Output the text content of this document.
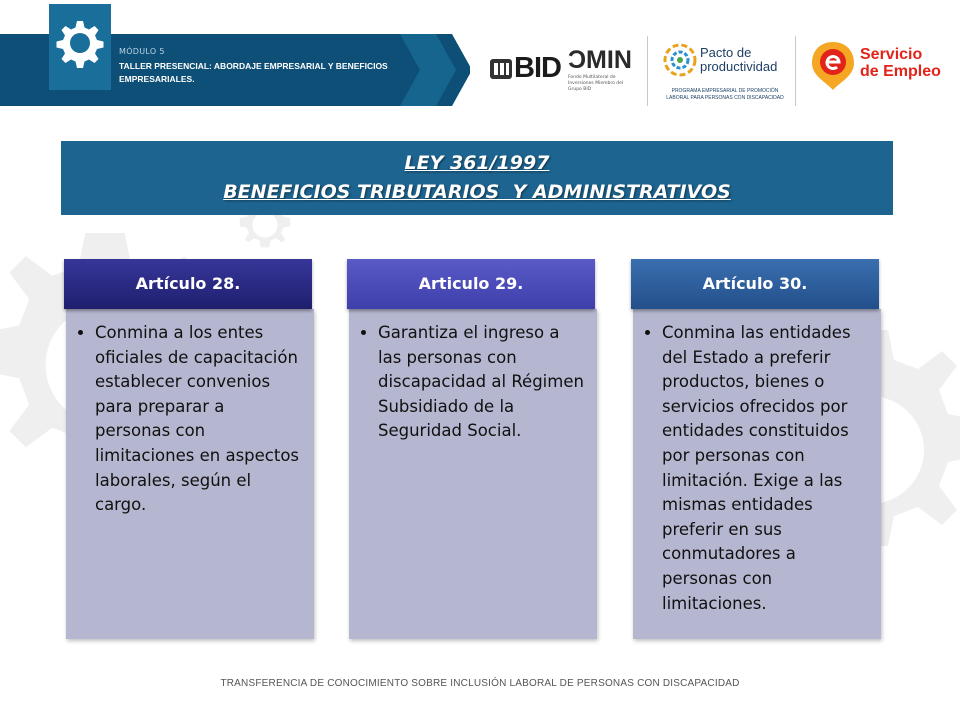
MÓDULO 5
TALLER PRESENCIAL: ABORDAJE EMPRESARIAL Y BENEFICIOS EMPRESARIALES.	BID ƆMIN
Fondo Multilateral de Inversiones Miembro del Grupo BID
Pacto de productividad
PROGRAMA EMPRESARIAL DE PROMOCIÓN LABORAL PARA PERSONAS CON DISCAPACIDAD
Servicio
de Empleo
LEY 361/1997
BENEFICIOS TRIBUTARIOS  Y ADMINISTRATIVOS
Artículo 28.
• Conmina a los entes oficiales de capacitación establecer convenios para preparar a personas con limitaciones en aspectos laborales, según el cargo.
Articulo 29.
• Garantiza el ingreso a las personas con discapacidad al Régimen Subsidiado de la Seguridad Social.
Artículo 30.
• Conmina las entidades del Estado a preferir productos, bienes o servicios ofrecidos por entidades constituidos por personas con limitación. Exige a las mismas entidades preferir en sus conmutadores a personas con limitaciones.
TRANSFERENCIA DE CONOCIMIENTO SOBRE INCLUSIÓN LABORAL DE PERSONAS CON DISCAPACIDAD
